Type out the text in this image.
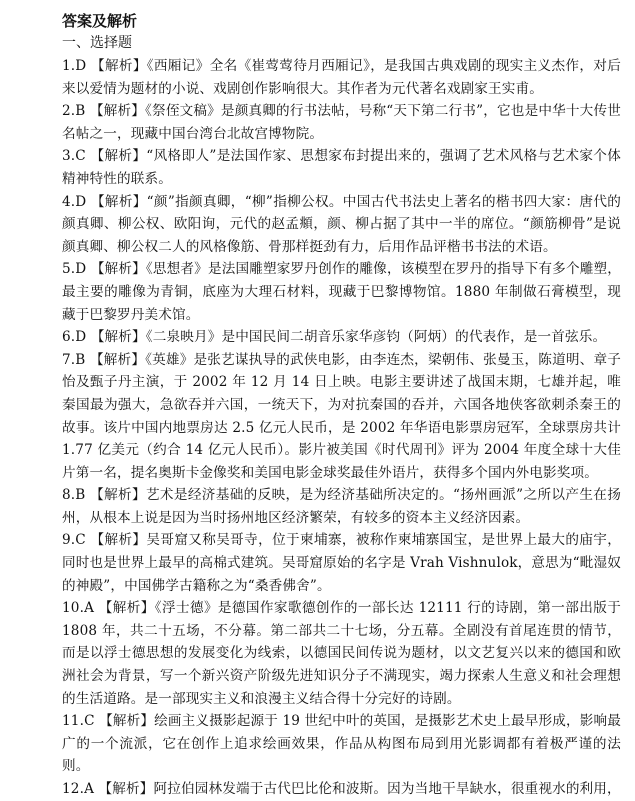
答案及解析
一、选择题

1.D 【解析】《西厢记》全名《崔莺莺待月西厢记》，是我国古典戏剧的现实主义杰作，对后来以爱情为题材的小说、戏剧创作影响很大。其作者为元代著名戏剧家王实甫。

2.B 【解析】《祭侄文稿》是颜真卿的行书法帖，号称“天下第二行书”，它也是中华十大传世名帖之一，现藏中国台湾台北故宫博物院。

3.C 【解析】“风格即人”是法国作家、思想家布封提出来的，强调了艺术风格与艺术家个体精神特性的联系。

4.D 【解析】“颜”指颜真卿，“柳”指柳公权。中国古代书法史上著名的楷书四大家：唐代的颜真卿、柳公权、欧阳询，元代的赵孟頫，颜、柳占据了其中一半的席位。“颜筋柳骨”是说颜真卿、柳公权二人的风格像筋、骨那样挺劲有力，后用作品评楷书书法的术语。

5.D 【解析】《思想者》是法国雕塑家罗丹创作的雕像，该模型在罗丹的指导下有多个雕塑，最主要的雕像为青铜，底座为大理石材料，现藏于巴黎博物馆。1880 年制做石膏模型，现藏于巴黎罗丹美术馆。

6.D 【解析】《二泉映月》是中国民间二胡音乐家华彦钧（阿炳）的代表作，是一首弦乐。

7.B 【解析】《英雄》是张艺谋执导的武侠电影，由李连杰，梁朝伟、张曼玉，陈道明、章子怡及甄子丹主演，于 2002 年 12 月 14 日上映。电影主要讲述了战国末期，七雄并起，唯秦国最为强大，急欲吞并六国，一统天下，为对抗秦国的吞并，六国各地侠客欲刺杀秦王的故事。该片中国内地票房达 2.5 亿元人民币，是 2002 年华语电影票房冠军，全球票房共计 1.77 亿美元（约合 14 亿元人民币）。影片被美国《时代周刊》评为 2004 年度全球十大佳片第一名，提名奥斯卡金像奖和美国电影金球奖最佳外语片，获得多个国内外电影奖项。

8.B 【解析】艺术是经济基础的反映，是为经济基础所决定的。“扬州画派”之所以产生在扬州，从根本上说是因为当时扬州地区经济繁荣，有较多的资本主义经济因素。

9.C 【解析】吴哥窟又称吴哥寺，位于柬埔寨，被称作柬埔寨国宝，是世界上最大的庙宇，同时也是世界上最早的高棉式建筑。吴哥窟原始的名字是 Vrah Vishnulok，意思为“毗湿奴的神殿”，中国佛学古籍称之为“桑香佛舍”。

10.A 【解析】《浮士德》是德国作家歌德创作的一部长达 12111 行的诗剧，第一部出版于 1808 年，共二十五场，不分幕。第二部共二十七场，分五幕。全剧没有首尾连贯的情节，而是以浮士德思想的发展变化为线索，以德国民间传说为题材，以文艺复兴以来的德国和欧洲社会为背景，写一个新兴资产阶级先进知识分子不满现实，竭力探索人生意义和社会理想的生活道路。是一部现实主义和浪漫主义结合得十分完好的诗剧。

11.C 【解析】绘画主义摄影起源于 19 世纪中叶的英国，是摄影艺术史上最早形成，影响最广的一个流派，它在创作上追求绘画效果，作品从构图布局到用光影调都有着极严谨的法则。

12.A 【解析】阿拉伯园林发端于古代巴比伦和波斯。因为当地干旱缺水，很重视水的利用，
